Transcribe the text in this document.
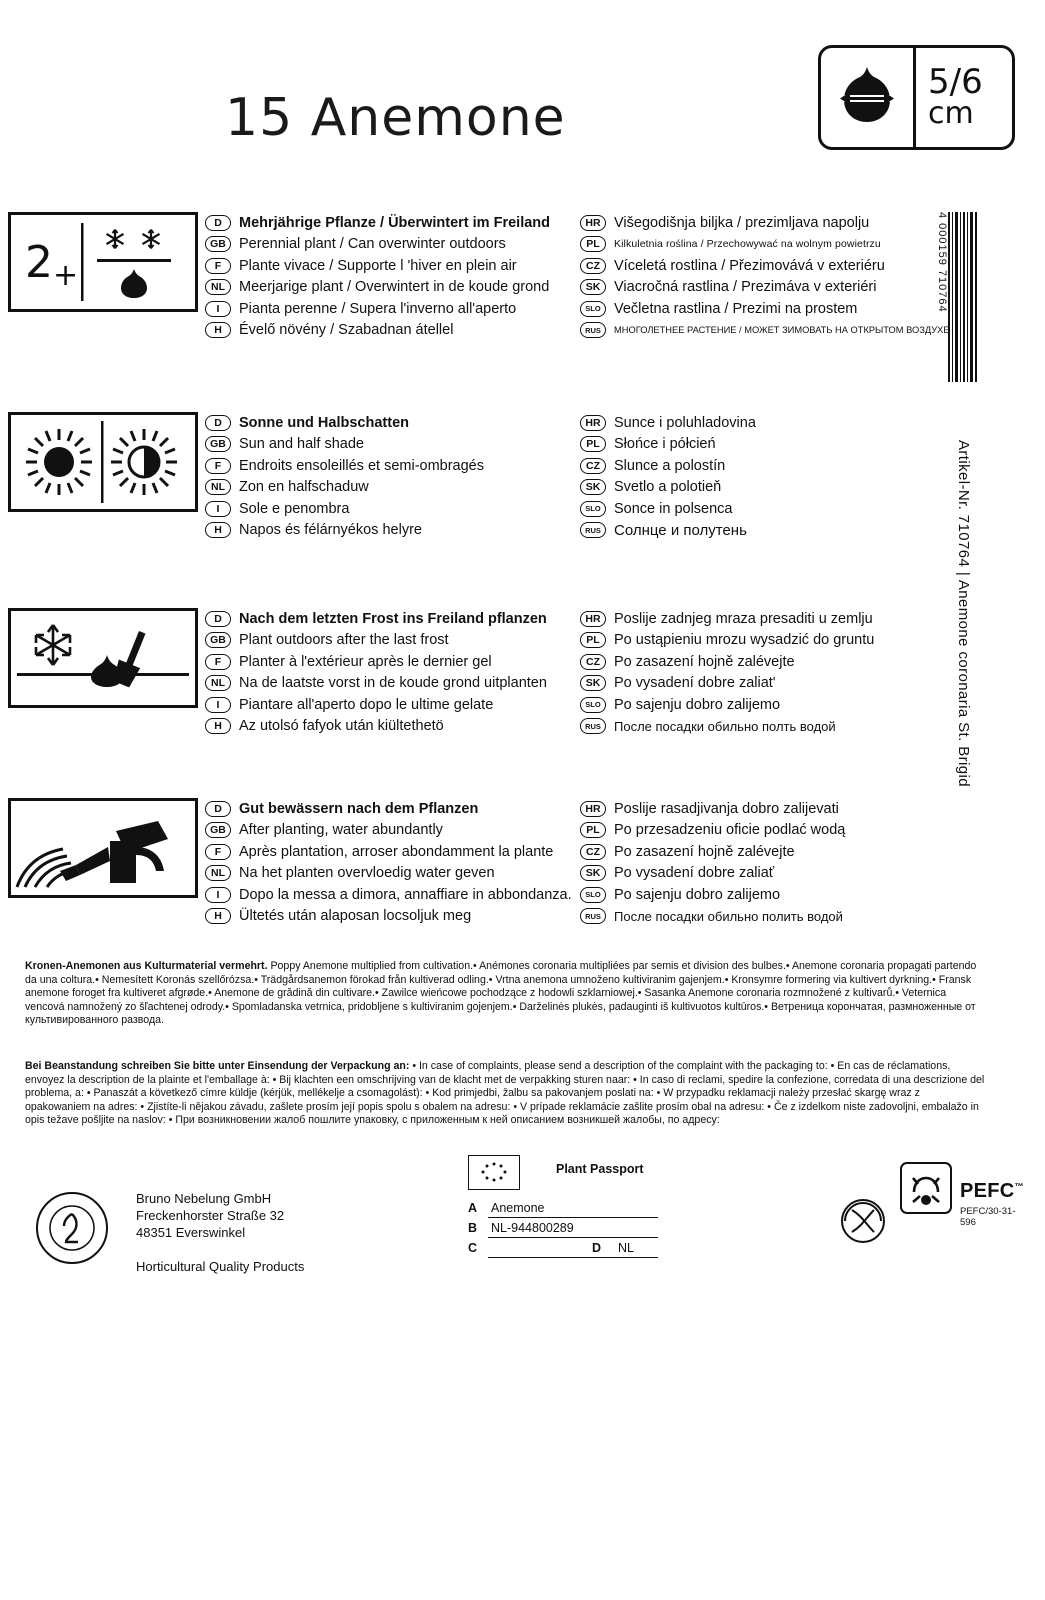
15 Anemone
5/6
cm
4 000159 710764
Artikel-Nr. 710764 | Anemone coronaria St. Brigid
2 +
D	Mehrjährige Pflanze / Überwintert im Freiland
GB Perennial plant / Can overwinter outdoors
F	Plante vivace / Supporte l 'hiver en plein air
NL Meerjarige plant / Overwintert in de koude grond
I	Pianta perenne / Supera l'inverno all'aperto
H	Évelő növény / Szabadnan átellel
HR Višegodišnja biljka / prezimljava napolju
PL	Kilkuletnia roślina / Przechowywać na wolnym powietrzu
CZ Víceletá rostlina / Přezimovává v exteriéru
SK Viacročná rastlina / Prezimáva v exteriéri
SLO Večletna rastlina / Prezimi na prostem
RUS	МНОГОЛЕТНЕЕ РАСТЕНИЕ / МОЖЕТ ЗИМОВАТЬ НА ОТКРЫТОМ ВОЗДУХЕ
D	Sonne und Halbschatten
GB Sun and half shade
F	Endroits ensoleillés et semi-ombragés
NL Zon en halfschaduw
I	Sole e penombra
H	Napos és félárnyékos helyre
HR Sunce i poluhladovina
PL Słońce i półcień
CZ Slunce a polostín
SK Svetlo a polotieň
SLO Sonce in polsenca
RUS Солнце и полутень
D	Nach dem letzten Frost ins Freiland pflanzen
GB Plant outdoors after the last frost
F	Planter à l'extérieur après le dernier gel
NL Na de laatste vorst in de koude grond uitplanten
I	Piantare all'aperto dopo le ultime gelate
H	Az utolsó fafyok után kiültethetö
HR Poslije zadnjeg mraza presaditi u zemlju
PL Po ustąpieniu mrozu wysadzić do gruntu
CZ Po zasazení hojně zalévejte
SK Po vysadení dobre zaliat'
SLO Po sajenju dobro zalijemo
RUS	После посадки обильно полть водой
D	Gut bewässern nach dem Pflanzen
GB After planting, water abundantly
F	Après plantation, arroser abondamment la plante
NL Na het planten overvloedig water geven
I	Dopo la messa a dimora, annaffiare in abbondanza.
H	Ültetés után alaposan locsoljuk meg
HR Poslije rasadjivanja dobro zalijevati
PL Po przesadzeniu oficie podlać wodą
CZ Po zasazení hojně zalévejte
SK Po vysadení dobre zaliať
SLO Po sajenju dobro zalijemo
RUS	После посадки обильно полить водой
Kronen-Anemonen aus Kulturmaterial vermehrt. Poppy Anemone multiplied from cultivation.• Anémones coronaria multipliées par semis et division des bulbes.• Anemone coronaria propagati partendo da una coltura.• Nemesített Koronás szellőrózsa.• Trädgårdsanemon förokad från kultiverad odling.• Vrtna anemona umnoženo kultiviranim gajenjem.• Kronsymre formering via kultivert dyrkning.• Fransk anemone foroget fra kultiveret afgrøde.• Anemone de grădină din cultivare.• Zawilce wieńcowe pochodzące z hodowli szklarniowej.• Sasanka Anemone coronaria rozmnožené z kultivarů.• Veternica vencová namnožený zo šľachtenej odrody.• Spomladanska vetrnica, pridobljene s kultiviranim gojenjem.• Darželinės plukės, padauginti iš kultivuotos kultūros.• Ветреница корончатая, размноженные от культивированного разводa.
Bei Beanstandung schreiben Sie bitte unter Einsendung der Verpackung an: • In case of complaints, please send a description of the complaint with the packaging to: • En cas de réclamations, envoyez la description de la plainte et l'emballage à: • Bij klachten een omschrijving van de klacht met de verpakking sturen naar: • In caso di reclami, spedire la confezione, corredata di una descrizione del problema, a: • Panaszát a következő címre küldje (kérjük, mellékelje a csomagolást): • Kod primjedbi, žalbu sa pakovanjem poslati na: • W przypadku reklamacji należy przesłać skargę wraz z opakowaniem na adres: • Zjistíte-li nějakou závadu, zašlete prosím její popis spolu s obalem na adresu: • V prípade reklamácie zašlite prosím obal na adresu: • Če z izdelkom niste zadovoljni, embalažo in opis težave pošljite na naslov: • При возникновении жалоб пошлите упаковку, с приложенным к ней описанием возникшей жалобы, по адресу:
Bruno Nebelung GmbH
Freckenhorster Straße 32
48351 Everswinkel
Horticultural Quality Products
Plant Passport
A Anemone
B NL-944800289
C	D NL
PEFC™
PEFC/30-31-596
